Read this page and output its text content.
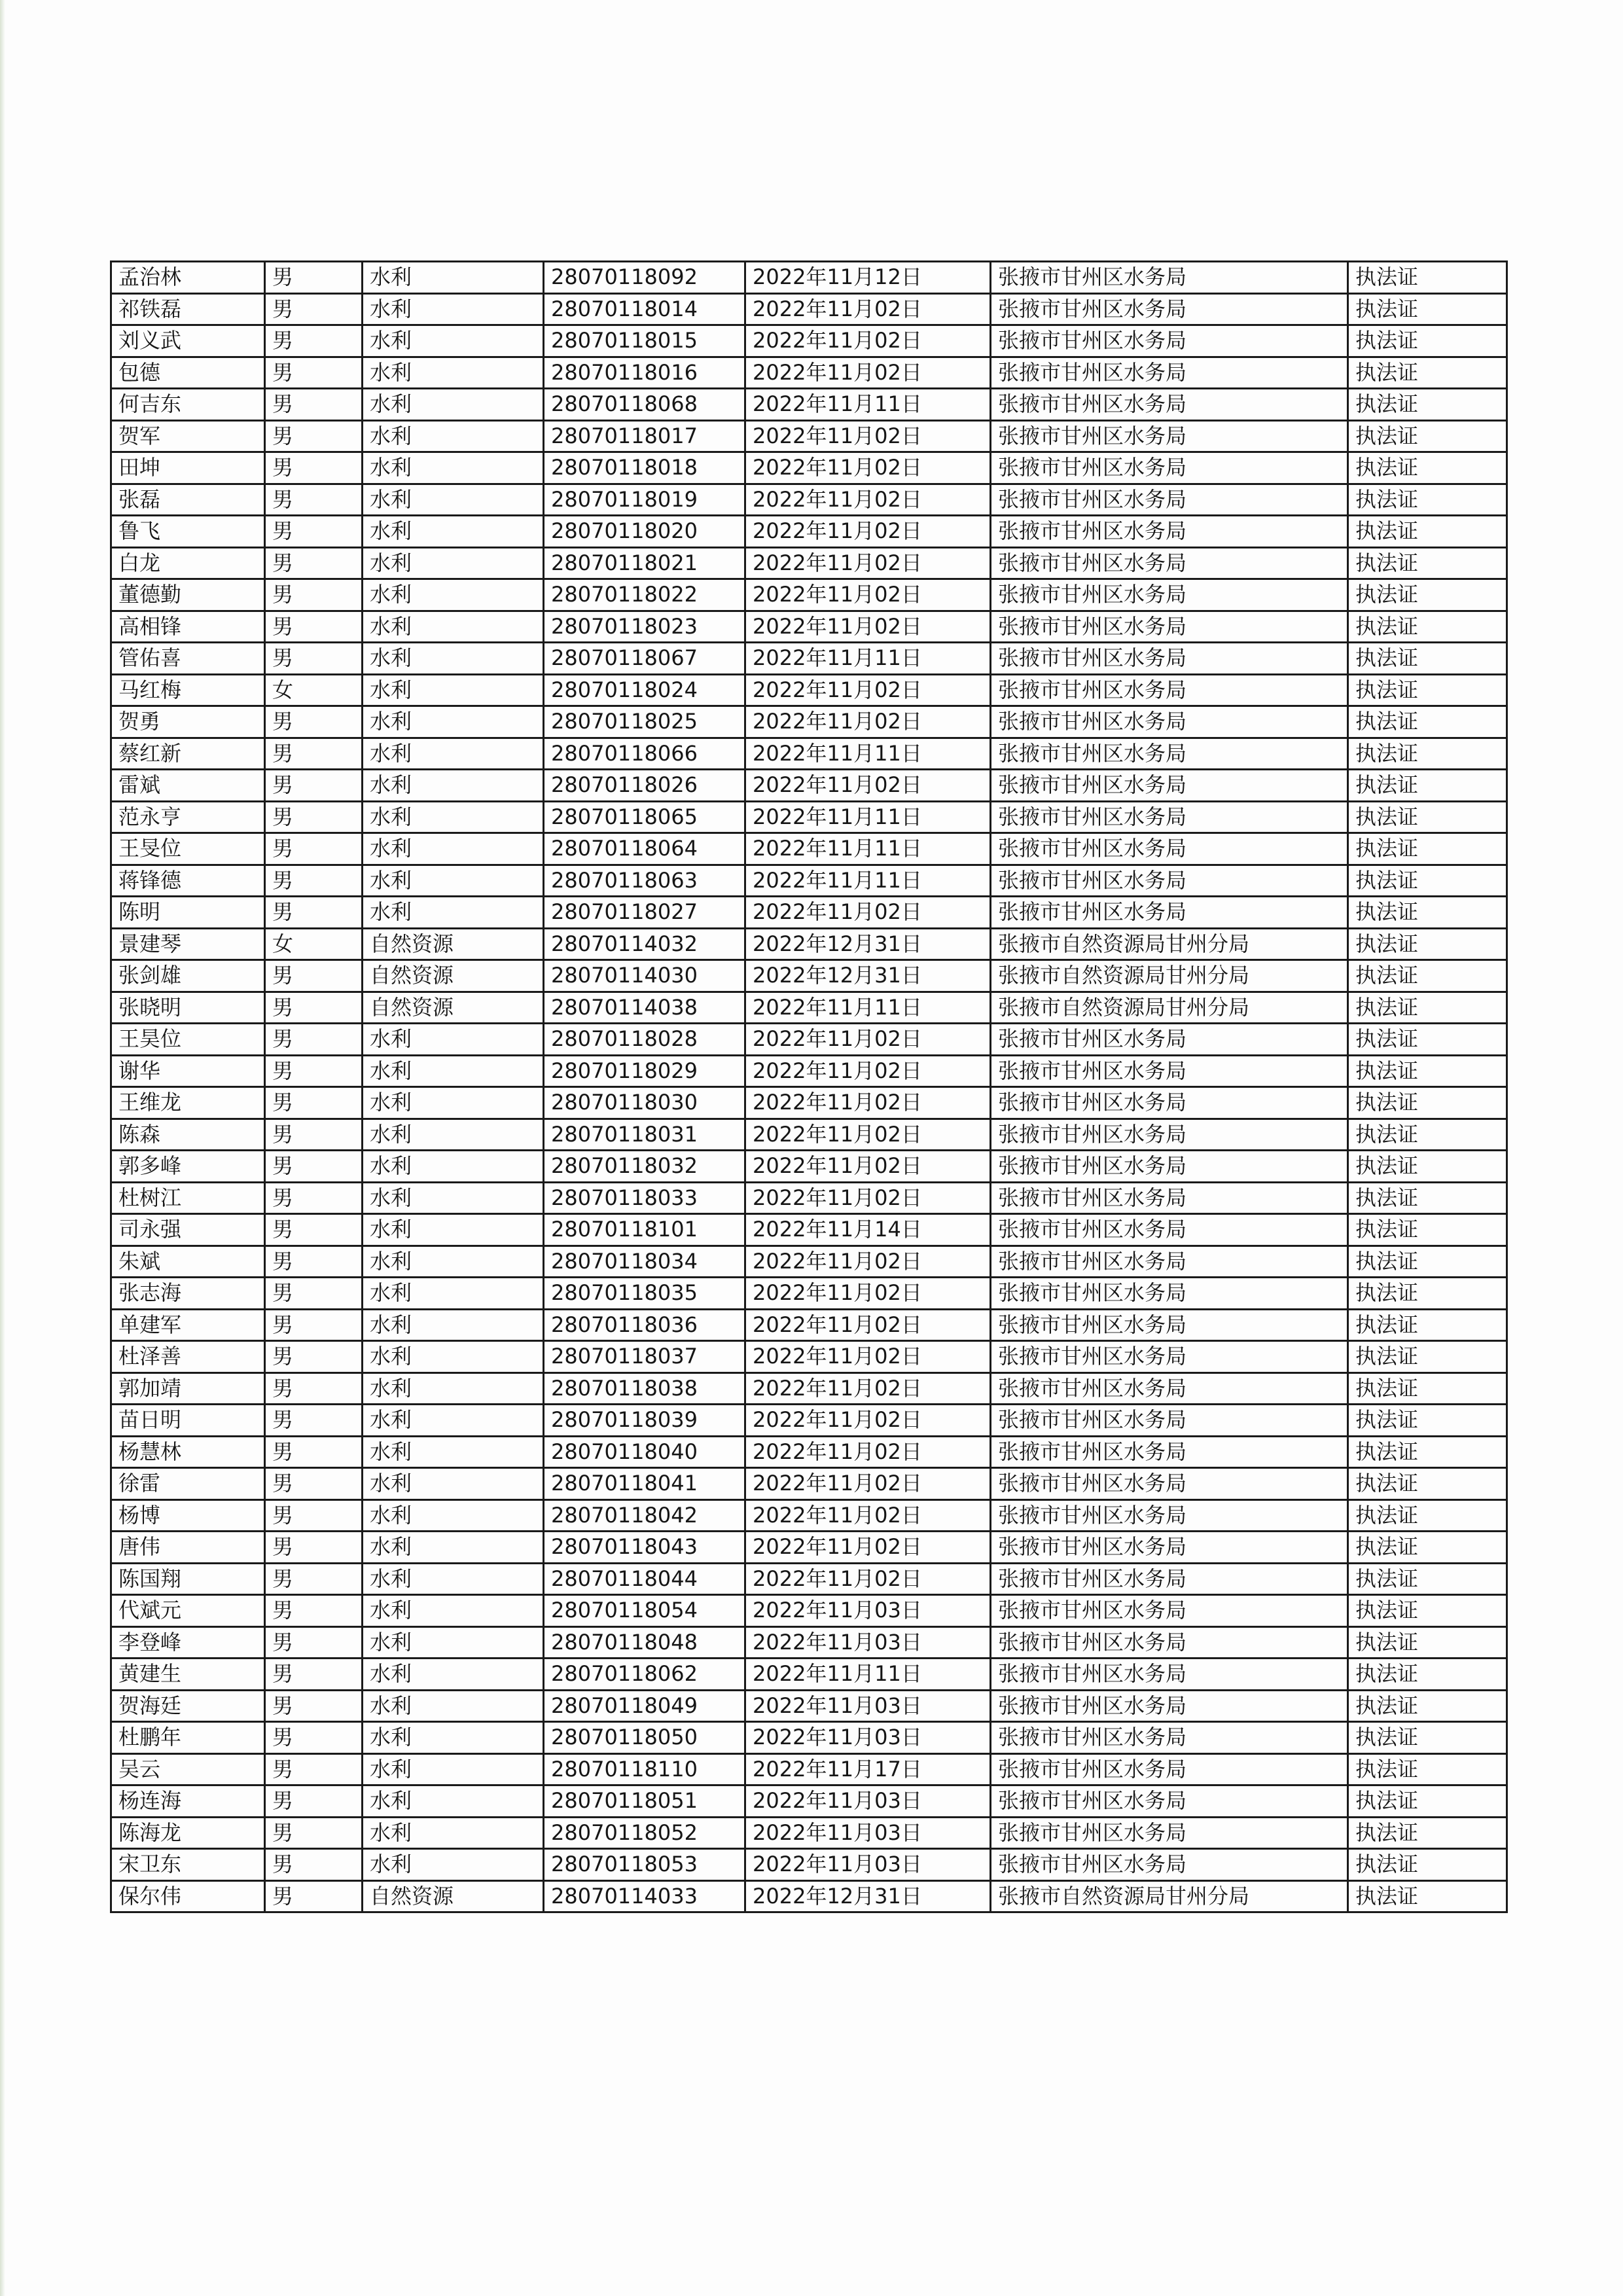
孟治林	男	水利	28070118092	2022年11月12日	张掖市甘州区水务局	执法证
祁铁磊	男	水利	28070118014	2022年11月02日	张掖市甘州区水务局	执法证
刘义武	男	水利	28070118015	2022年11月02日	张掖市甘州区水务局	执法证
包德	男	水利	28070118016	2022年11月02日	张掖市甘州区水务局	执法证
何吉东	男	水利	28070118068	2022年11月11日	张掖市甘州区水务局	执法证
贺军	男	水利	28070118017	2022年11月02日	张掖市甘州区水务局	执法证
田坤	男	水利	28070118018	2022年11月02日	张掖市甘州区水务局	执法证
张磊	男	水利	28070118019	2022年11月02日	张掖市甘州区水务局	执法证
鲁飞	男	水利	28070118020	2022年11月02日	张掖市甘州区水务局	执法证
白龙	男	水利	28070118021	2022年11月02日	张掖市甘州区水务局	执法证
董德勤	男	水利	28070118022	2022年11月02日	张掖市甘州区水务局	执法证
高相锋	男	水利	28070118023	2022年11月02日	张掖市甘州区水务局	执法证
管佑喜	男	水利	28070118067	2022年11月11日	张掖市甘州区水务局	执法证
马红梅	女	水利	28070118024	2022年11月02日	张掖市甘州区水务局	执法证
贺勇	男	水利	28070118025	2022年11月02日	张掖市甘州区水务局	执法证
蔡红新	男	水利	28070118066	2022年11月11日	张掖市甘州区水务局	执法证
雷斌	男	水利	28070118026	2022年11月02日	张掖市甘州区水务局	执法证
范永亨	男	水利	28070118065	2022年11月11日	张掖市甘州区水务局	执法证
王旻位	男	水利	28070118064	2022年11月11日	张掖市甘州区水务局	执法证
蒋锋德	男	水利	28070118063	2022年11月11日	张掖市甘州区水务局	执法证
陈明	男	水利	28070118027	2022年11月02日	张掖市甘州区水务局	执法证
景建琴	女	自然资源	28070114032	2022年12月31日	张掖市自然资源局甘州分局	执法证
张剑雄	男	自然资源	28070114030	2022年12月31日	张掖市自然资源局甘州分局	执法证
张晓明	男	自然资源	28070114038	2022年11月11日	张掖市自然资源局甘州分局	执法证
王昊位	男	水利	28070118028	2022年11月02日	张掖市甘州区水务局	执法证
谢华	男	水利	28070118029	2022年11月02日	张掖市甘州区水务局	执法证
王维龙	男	水利	28070118030	2022年11月02日	张掖市甘州区水务局	执法证
陈森	男	水利	28070118031	2022年11月02日	张掖市甘州区水务局	执法证
郭多峰	男	水利	28070118032	2022年11月02日	张掖市甘州区水务局	执法证
杜树江	男	水利	28070118033	2022年11月02日	张掖市甘州区水务局	执法证
司永强	男	水利	28070118101	2022年11月14日	张掖市甘州区水务局	执法证
朱斌	男	水利	28070118034	2022年11月02日	张掖市甘州区水务局	执法证
张志海	男	水利	28070118035	2022年11月02日	张掖市甘州区水务局	执法证
单建军	男	水利	28070118036	2022年11月02日	张掖市甘州区水务局	执法证
杜泽善	男	水利	28070118037	2022年11月02日	张掖市甘州区水务局	执法证
郭加靖	男	水利	28070118038	2022年11月02日	张掖市甘州区水务局	执法证
苗日明	男	水利	28070118039	2022年11月02日	张掖市甘州区水务局	执法证
杨慧林	男	水利	28070118040	2022年11月02日	张掖市甘州区水务局	执法证
徐雷	男	水利	28070118041	2022年11月02日	张掖市甘州区水务局	执法证
杨博	男	水利	28070118042	2022年11月02日	张掖市甘州区水务局	执法证
唐伟	男	水利	28070118043	2022年11月02日	张掖市甘州区水务局	执法证
陈国翔	男	水利	28070118044	2022年11月02日	张掖市甘州区水务局	执法证
代斌元	男	水利	28070118054	2022年11月03日	张掖市甘州区水务局	执法证
李登峰	男	水利	28070118048	2022年11月03日	张掖市甘州区水务局	执法证
黄建生	男	水利	28070118062	2022年11月11日	张掖市甘州区水务局	执法证
贺海廷	男	水利	28070118049	2022年11月03日	张掖市甘州区水务局	执法证
杜鹏年	男	水利	28070118050	2022年11月03日	张掖市甘州区水务局	执法证
吴云	男	水利	28070118110	2022年11月17日	张掖市甘州区水务局	执法证
杨连海	男	水利	28070118051	2022年11月03日	张掖市甘州区水务局	执法证
陈海龙	男	水利	28070118052	2022年11月03日	张掖市甘州区水务局	执法证
宋卫东	男	水利	28070118053	2022年11月03日	张掖市甘州区水务局	执法证
保尔伟	男	自然资源	28070114033	2022年12月31日	张掖市自然资源局甘州分局	执法证
